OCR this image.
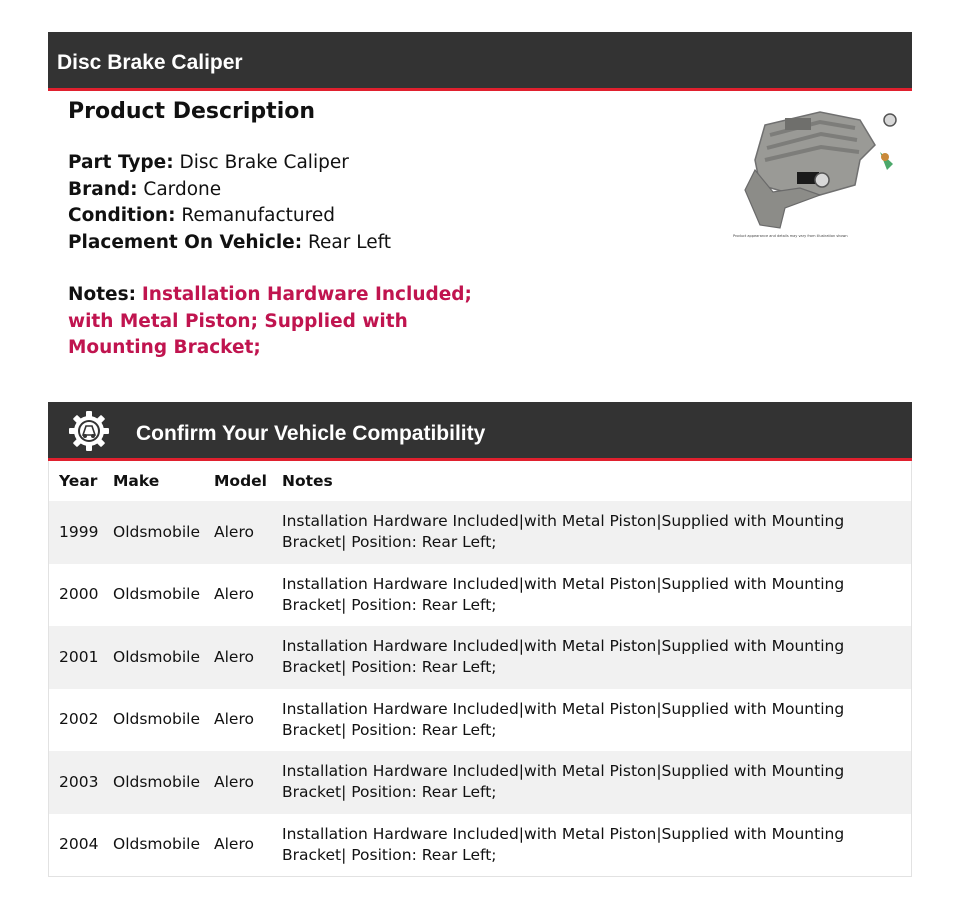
Disc Brake Caliper
Product Description
Part Type: Disc Brake Caliper
Brand: Cardone
Condition: Remanufactured
Placement On Vehicle: Rear Left
Notes: Installation Hardware Included; with Metal Piston; Supplied with Mounting Bracket;
Product appearance and details may vary from illustration shown
Confirm Your Vehicle Compatibility
Year	Make	Model	Notes
1999	Oldsmobile	Alero	Installation Hardware Included|with Metal Piston|Supplied with Mounting Bracket| Position: Rear Left;
2000	Oldsmobile	Alero	Installation Hardware Included|with Metal Piston|Supplied with Mounting Bracket| Position: Rear Left;
2001	Oldsmobile	Alero	Installation Hardware Included|with Metal Piston|Supplied with Mounting Bracket| Position: Rear Left;
2002	Oldsmobile	Alero	Installation Hardware Included|with Metal Piston|Supplied with Mounting Bracket| Position: Rear Left;
2003	Oldsmobile	Alero	Installation Hardware Included|with Metal Piston|Supplied with Mounting Bracket| Position: Rear Left;
2004	Oldsmobile	Alero	Installation Hardware Included|with Metal Piston|Supplied with Mounting Bracket| Position: Rear Left;
